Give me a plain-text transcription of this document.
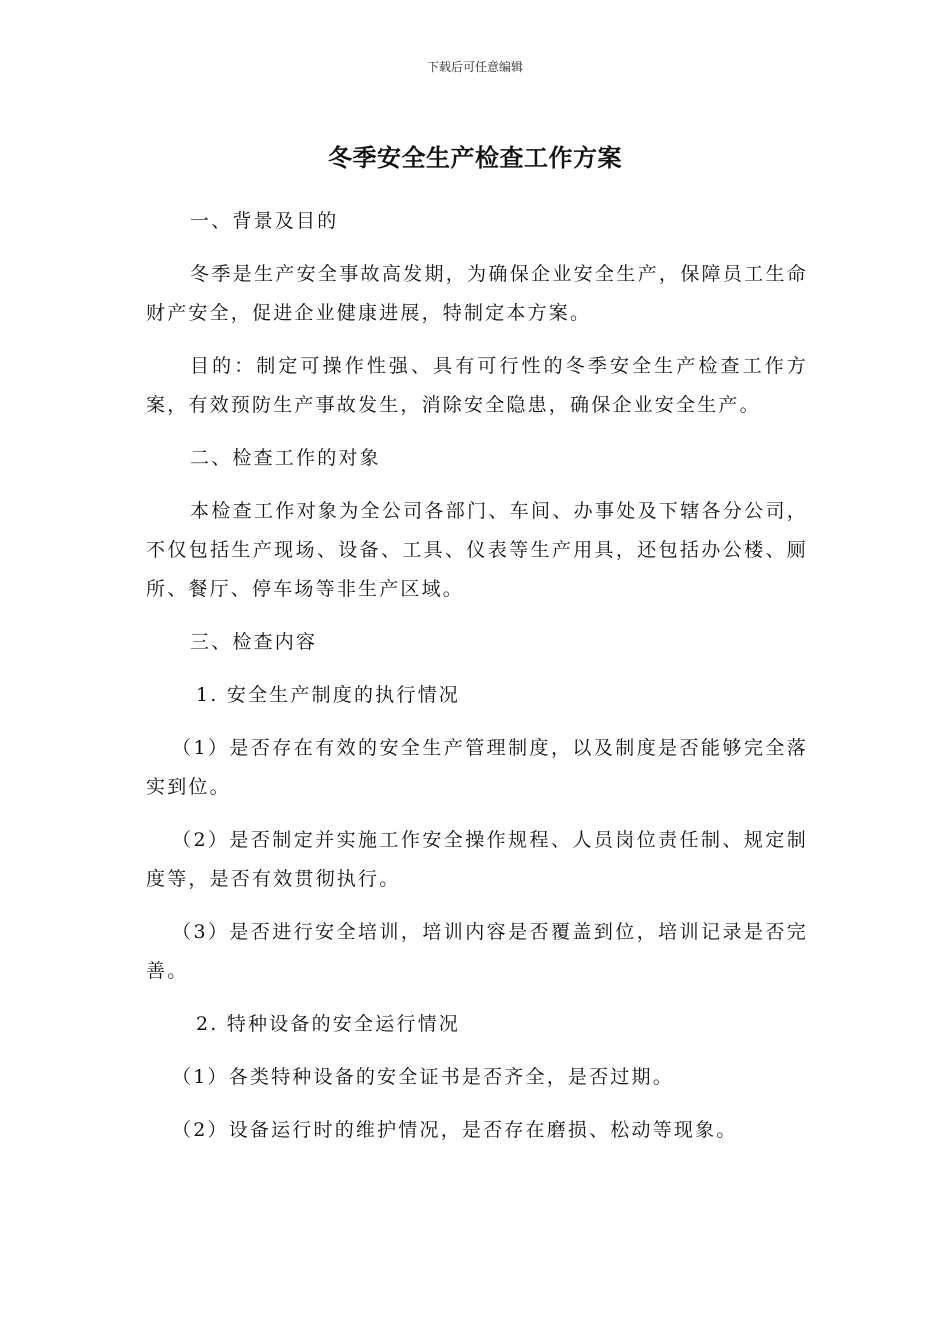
下载后可任意编辑
冬季安全生产检查工作方案

一、背景及目的

冬季是生产安全事故高发期，为确保企业安全生产，保障员工生命财产安全，促进企业健康进展，特制定本方案。

目的：制定可操作性强、具有可行性的冬季安全生产检查工作方案，有效预防生产事故发生，消除安全隐患，确保企业安全生产。

二、检查工作的对象

本检查工作对象为全公司各部门、车间、办事处及下辖各分公司，不仅包括生产现场、设备、工具、仪表等生产用具，还包括办公楼、厕所、餐厅、停车场等非生产区域。

三、检查内容

1. 安全生产制度的执行情况

（1）是否存在有效的安全生产管理制度，以及制度是否能够完全落实到位。

（2）是否制定并实施工作安全操作规程、人员岗位责任制、规定制度等，是否有效贯彻执行。

（3）是否进行安全培训，培训内容是否覆盖到位，培训记录是否完善。

2. 特种设备的安全运行情况

（1）各类特种设备的安全证书是否齐全，是否过期。

（2）设备运行时的维护情况，是否存在磨损、松动等现象。
